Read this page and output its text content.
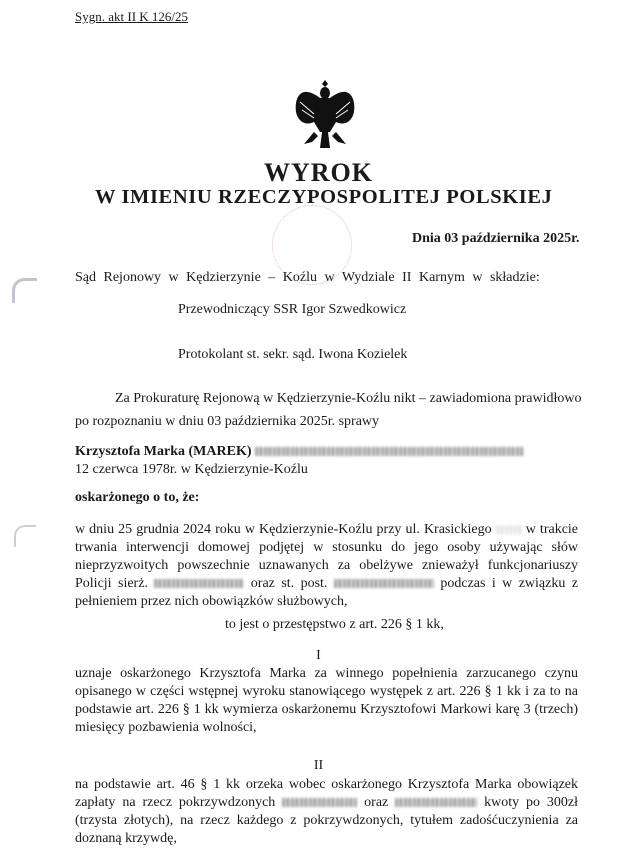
Sygn. akt II K 126/25
WYROK
W IMIENIU RZECZYPOSPOLITEJ POLSKIEJ
Dnia 03 października 2025r.
Sąd Rejonowy w Kędzierzynie – Koźlu w Wydziale II Karnym w składzie:
Przewodniczący SSR Igor Szwedkowicz
Protokolant st. sekr. sąd. Iwona Kozielek
Za Prokuraturę Rejonową w Kędzierzynie-Koźlu nikt – zawiadomiona prawidłowo
po rozpoznaniu w dniu 03 października 2025r. sprawy
Krzysztofa Marka (MAREK)
12 czerwca 1978r. w Kędzierzynie-Koźlu
oskarżonego o to, że:
w dniu 25 grudnia 2024 roku w Kędzierzynie-Koźlu przy ul. Krasickiego w trakcie trwania interwencji domowej podjętej w stosunku do jego osoby używając słów nieprzyzwoitych powszechnie uznawanych za obelżywe znieważył funkcjonariuszy Policji sierż.	oraz st. post.	podczas i w związku z pełnieniem przez nich obowiązków służbowych,
to jest o przestępstwo z art. 226 § 1 kk,
I
uznaje oskarżonego Krzysztofa Marka za winnego popełnienia zarzucanego czynu opisanego w części wstępnej wyroku stanowiącego występek z art. 226 § 1 kk i za to na podstawie art. 226 § 1 kk wymierza oskarżonemu Krzysztofowi Markowi karę 3 (trzech) miesięcy pozbawienia wolności,
II
na podstawie art. 46 § 1 kk orzeka wobec oskarżonego Krzysztofa Marka obowiązek zapłaty na rzecz pokrzywdzonych	oraz	kwoty po 300zł (trzysta złotych), na rzecz każdego z pokrzywdzonych, tytułem zadośćuczynienia za doznaną krzywdę,
